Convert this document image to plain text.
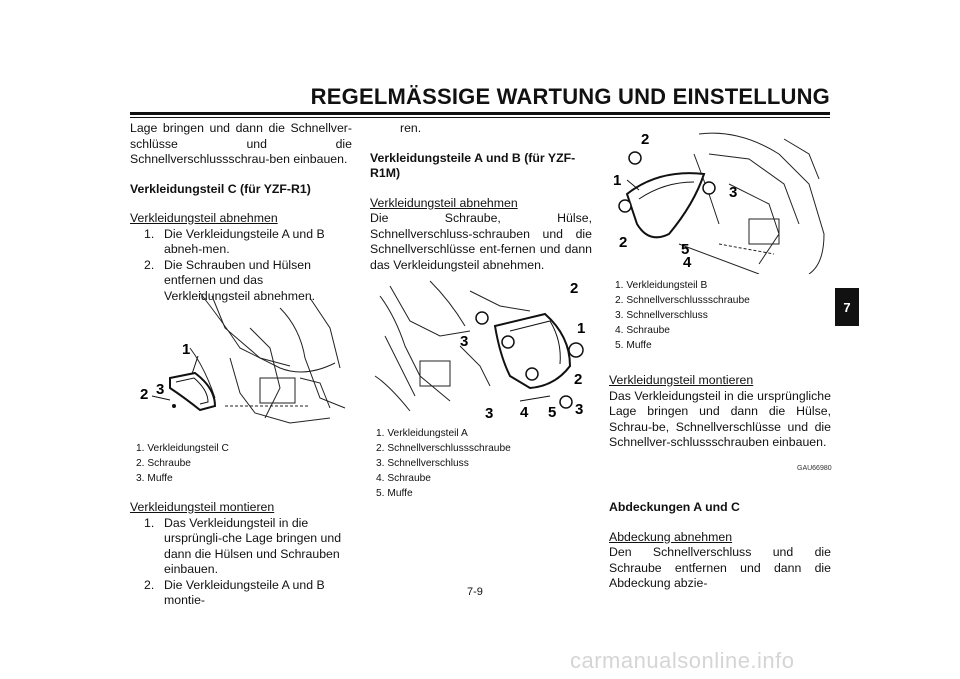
REGELMÄSSIGE WARTUNG UND EINSTELLUNG

Lage bringen und dann die Schnellver-schlüsse und die Schnellverschlussschrau-ben einbauen.

Verkleidungsteil C (für YZF-R1)

Verkleidungsteil abnehmen

1. Die Verkleidungsteile A und B abneh-men.
2. Die Schrauben und Hülsen entfernen und das Verkleidungsteil abnehmen.
1
2 3
1. Verkleidungsteil C
2. Schraube
3. Muffe

Verkleidungsteil montieren

1. Das Verkleidungsteil in die ursprüngli-che Lage bringen und dann die Hülsen und Schrauben einbauen.
2. Die Verkleidungsteile A und B montie-

ren.

Verkleidungsteile A und B (für YZF-R1M)

Verkleidungsteil abnehmen

Die Schraube, Hülse, Schnellverschluss-schrauben und die Schnellverschlüsse ent-fernen und dann das Verkleidungsteil abnehmen.

1
2
2
3
3	3
4 5
1. Verkleidungsteil A
2. Schnellverschlussschraube
3. Schnellverschluss
4. Schraube
5. Muffe
1
2
2
3
4
5
1. Verkleidungsteil B
2. Schnellverschlussschraube
3. Schnellverschluss
4. Schraube
5. Muffe

Verkleidungsteil montieren

Das Verkleidungsteil in die ursprüngliche Lage bringen und dann die Hülse, Schrau-be, Schnellverschlüsse und die Schnellver-schlussschrauben einbauen.

GAU66980

Abdeckungen A und C

Abdeckung abnehmen

Den Schnellverschluss und die Schraube entfernen und dann die Abdeckung abzie-

7
7-9
carmanualsonline.info
